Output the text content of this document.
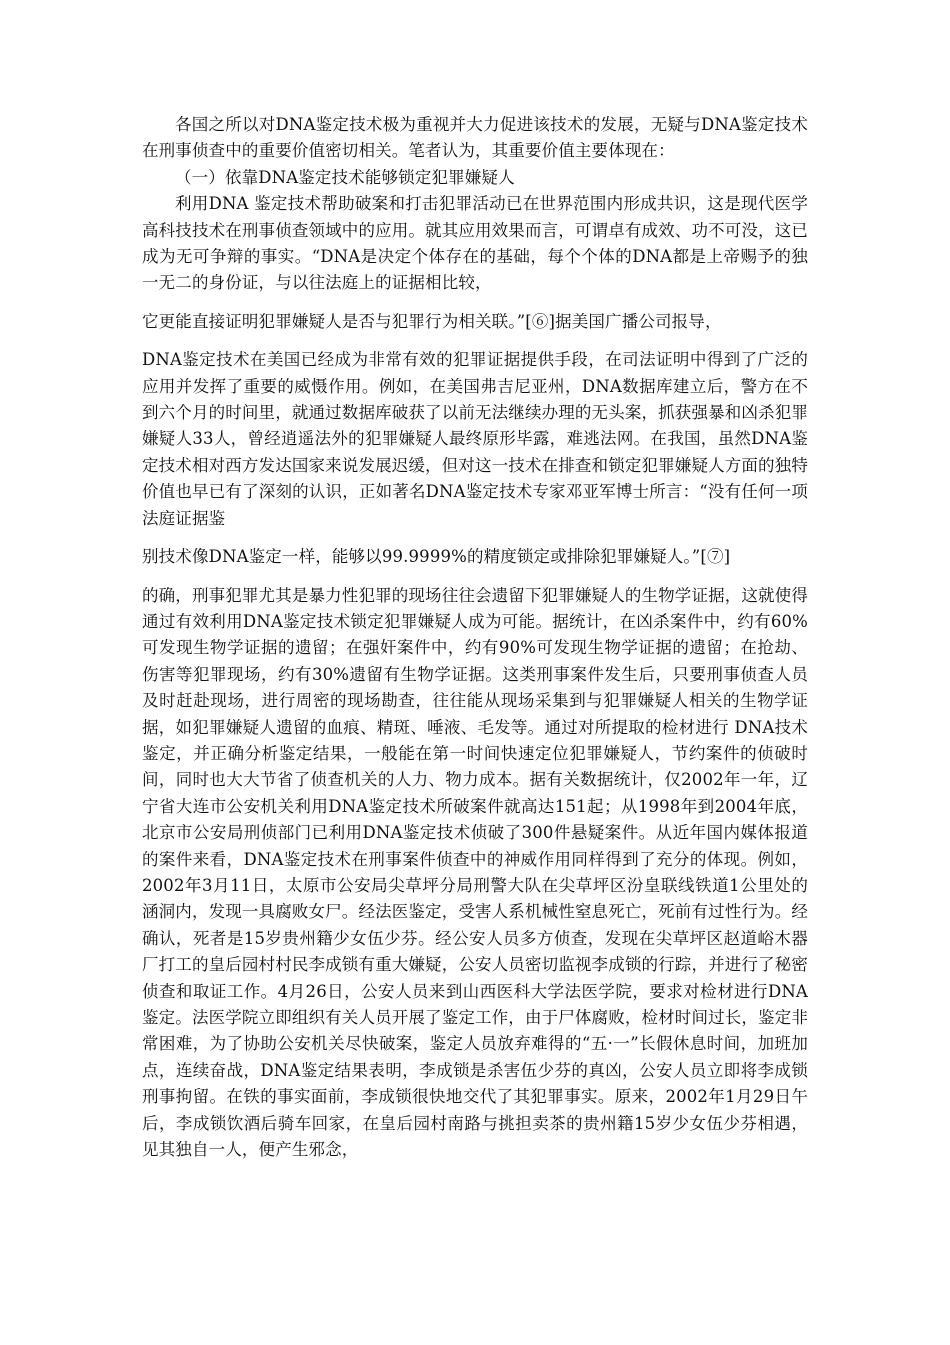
各国之所以对DNA鉴定技术极为重视并大力促进该技术的发展，无疑与DNA鉴定技术在刑事侦查中的重要价值密切相关。笔者认为，其重要价值主要体现在：

（一）依靠DNA鉴定技术能够锁定犯罪嫌疑人

利用DNA 鉴定技术帮助破案和打击犯罪活动已在世界范围内形成共识，这是现代医学高科技技术在刑事侦查领域中的应用。就其应用效果而言，可谓卓有成效、功不可没，这已成为无可争辩的事实。“DNA是决定个体存在的基础，每个个体的DNA都是上帝赐予的独一无二的身份证，与以往法庭上的证据相比较，

它更能直接证明犯罪嫌疑人是否与犯罪行为相关联。”[⑥]据美国广播公司报导，

DNA鉴定技术在美国已经成为非常有效的犯罪证据提供手段，在司法证明中得到了广泛的应用并发挥了重要的威慑作用。例如，在美国弗吉尼亚州，DNA数据库建立后，警方在不到六个月的时间里，就通过数据库破获了以前无法继续办理的无头案，抓获强暴和凶杀犯罪嫌疑人33人，曾经逍遥法外的犯罪嫌疑人最终原形毕露，难逃法网。在我国，虽然DNA鉴定技术相对西方发达国家来说发展迟缓，但对这一技术在排查和锁定犯罪嫌疑人方面的独特价值也早已有了深刻的认识，正如著名DNA鉴定技术专家邓亚军博士所言：“没有任何一项法庭证据鉴

别技术像DNA鉴定一样，能够以99.9999%的精度锁定或排除犯罪嫌疑人。”[⑦]

的确，刑事犯罪尤其是暴力性犯罪的现场往往会遗留下犯罪嫌疑人的生物学证据，这就使得通过有效利用DNA鉴定技术锁定犯罪嫌疑人成为可能。据统计，在凶杀案件中，约有60%可发现生物学证据的遗留；在强奸案件中，约有90%可发现生物学证据的遗留；在抢劫、伤害等犯罪现场，约有30%遗留有生物学证据。这类刑事案件发生后，只要刑事侦查人员及时赶赴现场，进行周密的现场勘查，往往能从现场采集到与犯罪嫌疑人相关的生物学证据，如犯罪嫌疑人遗留的血痕、精斑、唾液、毛发等。通过对所提取的检材进行 DNA技术鉴定，并正确分析鉴定结果，一般能在第一时间快速定位犯罪嫌疑人，节约案件的侦破时间，同时也大大节省了侦查机关的人力、物力成本。据有关数据统计，仅2002年一年，辽宁省大连市公安机关利用DNA鉴定技术所破案件就高达151起；从1998年到2004年底，北京市公安局刑侦部门已利用DNA鉴定技术侦破了300件悬疑案件。从近年国内媒体报道的案件来看，DNA鉴定技术在刑事案件侦查中的神威作用同样得到了充分的体现。例如，2002年3月11日，太原市公安局尖草坪分局刑警大队在尖草坪区汾皇联线铁道1公里处的涵洞内，发现一具腐败女尸。经法医鉴定，受害人系机械性窒息死亡，死前有过性行为。经确认，死者是15岁贵州籍少女伍少芬。经公安人员多方侦查，发现在尖草坪区赵道峪木器厂打工的皇后园村村民李成锁有重大嫌疑，公安人员密切监视李成锁的行踪，并进行了秘密侦查和取证工作。4月26日，公安人员来到山西医科大学法医学院，要求对检材进行DNA鉴定。法医学院立即组织有关人员开展了鉴定工作，由于尸体腐败，检材时间过长，鉴定非常困难，为了协助公安机关尽快破案，鉴定人员放弃难得的“五·一”长假休息时间，加班加点，连续奋战，DNA鉴定结果表明，李成锁是杀害伍少芬的真凶，公安人员立即将李成锁刑事拘留。在铁的事实面前，李成锁很快地交代了其犯罪事实。原来，2002年1月29日午后，李成锁饮酒后骑车回家，在皇后园村南路与挑担卖茶的贵州籍15岁少女伍少芬相遇，见其独自一人，便产生邪念，
